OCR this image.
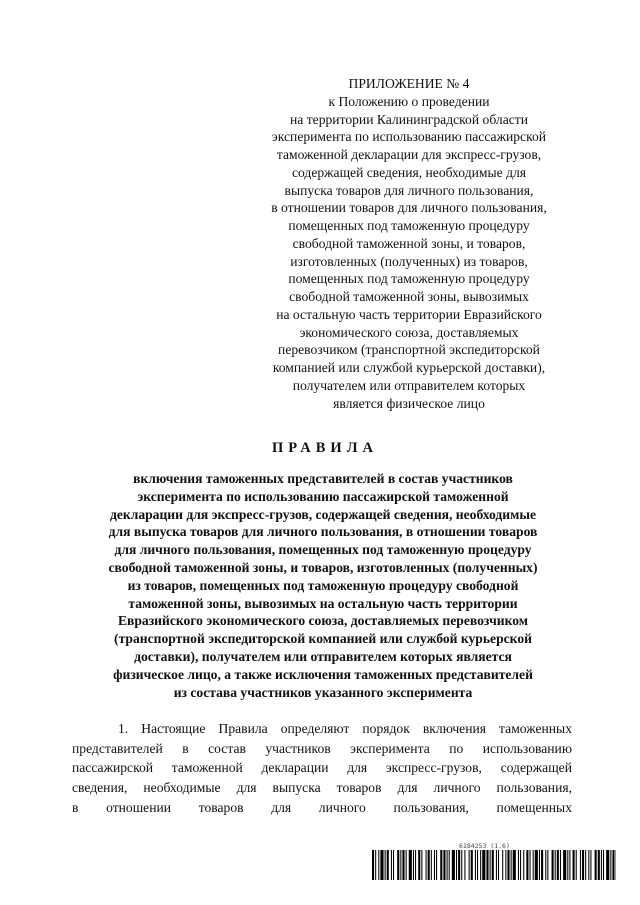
ПРИЛОЖЕНИЕ № 4
к Положению о проведении
на территории Калининградской области
эксперимента по использованию пассажирской
таможенной декларации для экспресс-грузов,
содержащей сведения, необходимые для
выпуска товаров для личного пользования,
в отношении товаров для личного пользования,
помещенных под таможенную процедуру
свободной таможенной зоны, и товаров,
изготовленных (полученных) из товаров,
помещенных под таможенную процедуру
свободной таможенной зоны, вывозимых
на остальную часть территории Евразийского
экономического союза, доставляемых
перевозчиком (транспортной экспедиторской
компанией или службой курьерской доставки),
получателем или отправителем которых
является физическое лицо
ПРАВИЛА
включения таможенных представителей в состав участников
эксперимента по использованию пассажирской таможенной
декларации для экспресс-грузов, содержащей сведения, необходимые
для выпуска товаров для личного пользования, в отношении товаров
для личного пользования, помещенных под таможенную процедуру
свободной таможенной зоны, и товаров, изготовленных (полученных)
из товаров, помещенных под таможенную процедуру свободной
таможенной зоны, вывозимых на остальную часть территории
Евразийского экономического союза, доставляемых перевозчиком
(транспортной экспедиторской компанией или службой курьерской
доставки), получателем или отправителем которых является
физическое лицо, а также исключения таможенных представителей
из состава участников указанного эксперимента
1. Настоящие Правила определяют порядок включения таможенных
представителей в состав участников эксперимента по использованию
пассажирской таможенной декларации для экспресс-грузов, содержащей
сведения, необходимые для выпуска товаров для личного пользования,
в отношении товаров для личного пользования, помещенных
6184253 (1.6)
